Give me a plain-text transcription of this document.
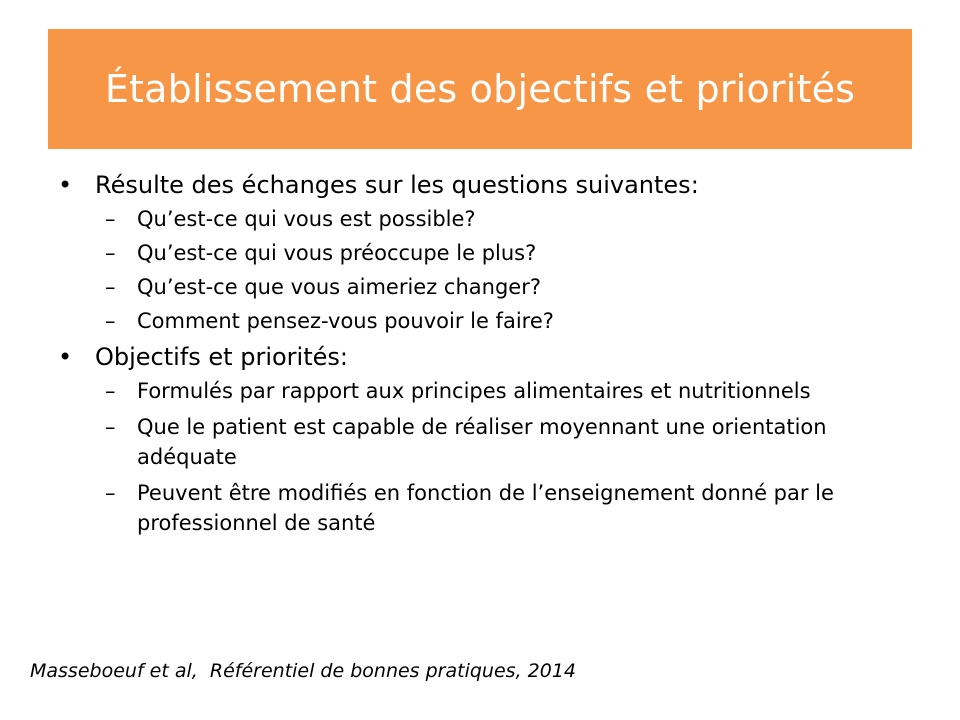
Établissement des objectifs et priorités
• Résulte des échanges sur les questions suivantes:
– Qu’est-ce qui vous est possible?
– Qu’est-ce qui vous préoccupe le plus?
– Qu’est-ce que vous aimeriez changer?
– Comment pensez-vous pouvoir le faire?
• Objectifs et priorités:
– Formulés par rapport aux principes alimentaires et nutritionnels
– Que le patient est capable de réaliser moyennant une orientation adéquate
– Peuvent être modifiés en fonction de l’enseignement donné par le professionnel de santé
Masseboeuf et al,  Référentiel de bonnes pratiques, 2014
